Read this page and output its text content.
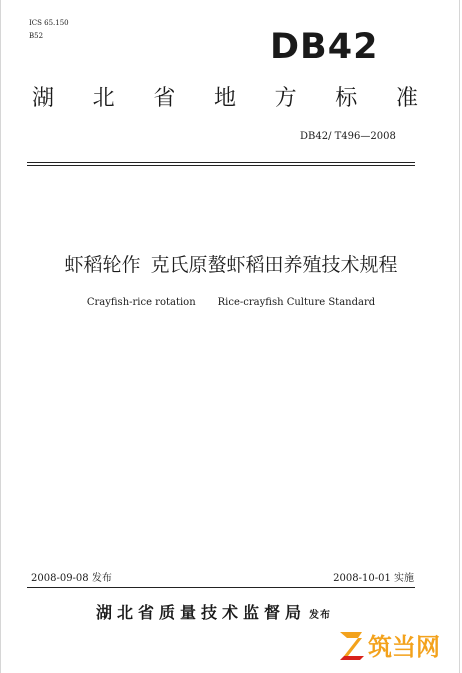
ICS 65.150
B52	DB42
湖 北 省 地 方 标 准
DB42/ T496—2008
虾稻轮作 克氏原螯虾稻田养殖技术规程
Crayfish-rice rotation Rice-crayfish Culture Standard
2008-09-08 发布	2008-10-01 实施
湖北省质量技术监督局 发布
筑当网
